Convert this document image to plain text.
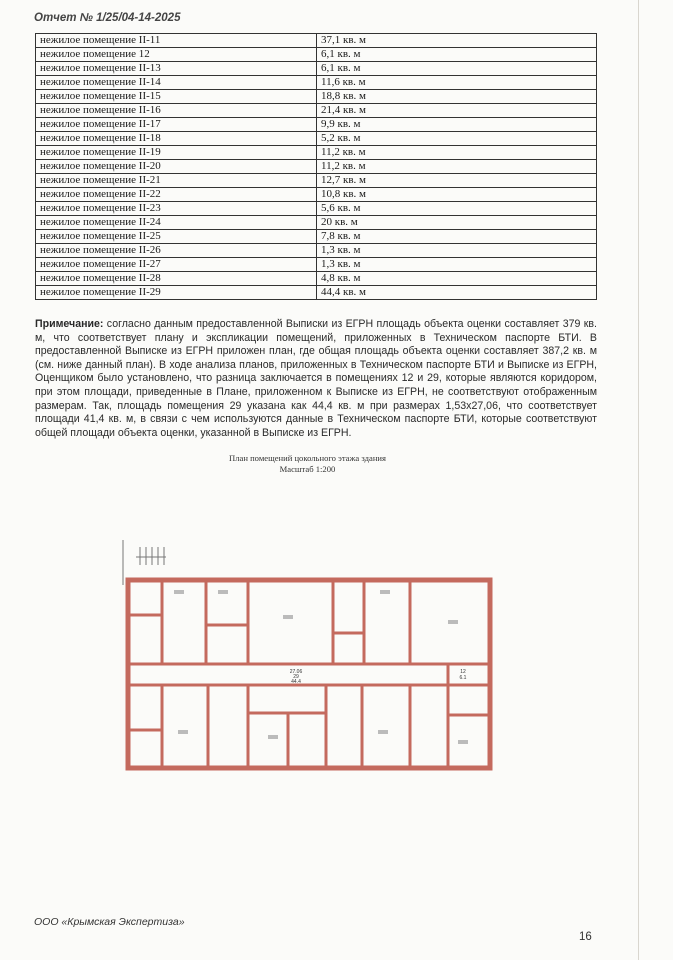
Отчет № 1/25/04-14-2025
нежилое помещение II-11	37,1 кв. м
нежилое помещение 12	6,1 кв. м
нежилое помещение II-13	6,1 кв. м
нежилое помещение II-14	11,6 кв. м
нежилое помещение II-15	18,8 кв. м
нежилое помещение II-16	21,4 кв. м
нежилое помещение II-17	9,9 кв. м
нежилое помещение II-18	5,2 кв. м
нежилое помещение II-19	11,2 кв. м
нежилое помещение II-20	11,2 кв. м
нежилое помещение II-21	12,7 кв. м
нежилое помещение II-22	10,8 кв. м
нежилое помещение II-23	5,6 кв. м
нежилое помещение II-24	20 кв. м
нежилое помещение II-25	7,8 кв. м
нежилое помещение II-26	1,3 кв. м
нежилое помещение II-27	1,3 кв. м
нежилое помещение II-28	4,8 кв. м
нежилое помещение II-29	44,4 кв. м
Примечание: согласно данным предоставленной Выписки из ЕГРН площадь объекта оценки составляет 379 кв. м, что соответствует плану и экспликации помещений, приложенных в Техническом паспорте БТИ. В предоставленной Выписке из ЕГРН приложен план, где общая площадь объекта оценки составляет 387,2 кв. м (см. ниже данный план). В ходе анализа планов, приложенных в Техническом паспорте БТИ и Выписке из ЕГРН, Оценщиком было установлено, что разница заключается в помещениях 12 и 29, которые являются коридором, при этом площади, приведенные в Плане, приложенном к Выписке из ЕГРН, не соответствуют отображенным размерам. Так, площадь помещения 29 указана как 44,4 кв. м при размерах 1,53x27,06, что соответствует площади 41,4 кв. м, в связи с чем используются данные в Техническом паспорте БТИ, которые соответствуют общей площади объекта оценки, указанной в Выписке из ЕГРН.
План помещений цокольного этажа здания
Масштаб 1:200
27.06
29
44.4
12
6.1
ООО «Крымская Экспертиза»
16
